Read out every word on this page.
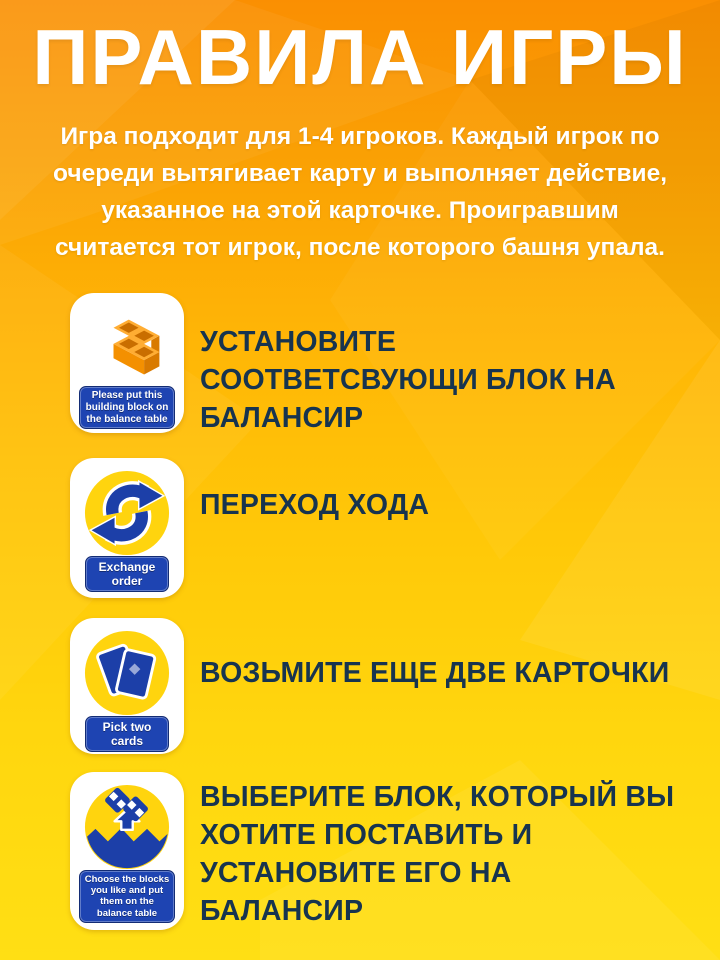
ПРАВИЛА ИГРЫ
Игра подходит для 1-4 игроков. Каждый игрок по очереди вытягивает карту и выполняет действие, указанное на этой карточке. Проигравшим считается тот игрок, после которого башня упала.
Please put this building block on the balance table
УСТАНОВИТЕ СООТВЕТСВУЮЩИ БЛОК НА БАЛАНСИР
Exchange order
ПЕРЕХОД ХОДА
Pick two cards
ВОЗЬМИТЕ ЕЩЕ ДВЕ КАРТОЧКИ
Choose the blocks you like and put them on the balance table
ВЫБЕРИТЕ БЛОК, КОТОРЫЙ ВЫ ХОТИТЕ ПОСТАВИТЬ И УСТАНОВИТЕ ЕГО НА БАЛАНСИР
